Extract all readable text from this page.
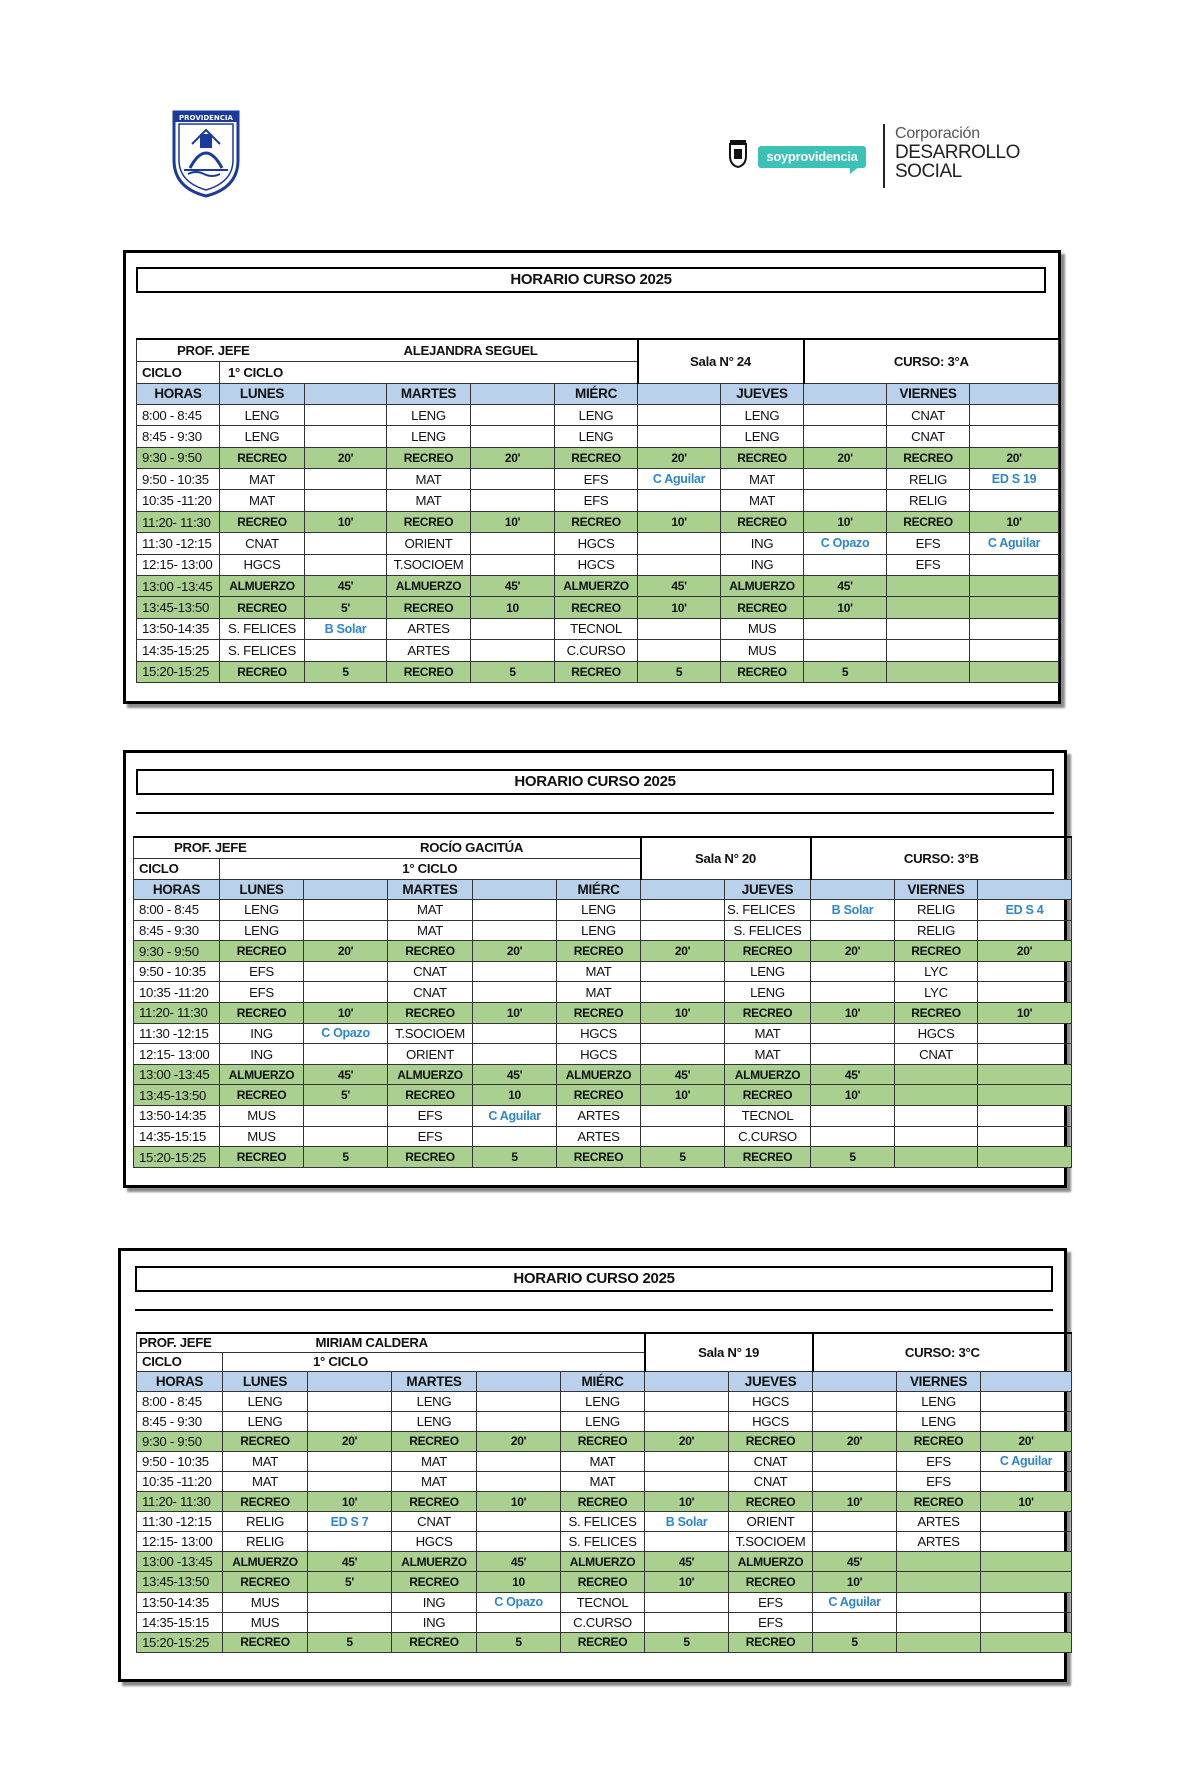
PROVIDENCIA
soyprovidencia
Corporación
DESARROLLO
SOCIAL
HORARIO CURSO 2025
HORARIO CURSO 2025
HORARIO CURSO 2025
PROF. JEFE		ALEJANDRA SEGUEL				Sala N° 24		CURSO: 3°A		
CICLO	1° CICLO									
HORAS	LUNES		MARTES		MIÉRC		JUEVES		VIERNES	
8:00 - 8:45	LENG		LENG		LENG		LENG		CNAT	
8:45 - 9:30	LENG		LENG		LENG		LENG		CNAT	
9:30 - 9:50	RECREO	20'	RECREO	20'	RECREO	20'	RECREO	20'	RECREO	20'
9:50 - 10:35	MAT		MAT		EFS	C Aguilar	MAT		RELIG	ED S 19
10:35 -11:20	MAT		MAT		EFS		MAT		RELIG	
11:20- 11:30	RECREO	10'	RECREO	10'	RECREO	10'	RECREO	10'	RECREO	10'
11:30 -12:15	CNAT		ORIENT		HGCS		ING	C Opazo	EFS	C Aguilar
12:15- 13:00	HGCS		T.SOCIOEM		HGCS		ING		EFS	
13:00 -13:45	ALMUERZO	45'	ALMUERZO	45'	ALMUERZO	45'	ALMUERZO	45'		
13:45-13:50	RECREO	5'	RECREO	10	RECREO	10'	RECREO	10'		
13:50-14:35	S. FELICES	B Solar	ARTES		TECNOL		MUS			
14:35-15:25	S. FELICES		ARTES		C.CURSO		MUS			
15:20-15:25	RECREO	5	RECREO	5	RECREO	5	RECREO	5		
PROF. JEFE		ROCÍO GACITÚA				Sala N° 20		CURSO: 3°B		
CICLO	1° CICLO									
HORAS	LUNES		MARTES		MIÉRC		JUEVES		VIERNES	
8:00 - 8:45	LENG		MAT		LENG		S. FELICES	B Solar	RELIG	ED S 4
8:45 - 9:30	LENG		MAT		LENG		S. FELICES		RELIG	
9:30 - 9:50	RECREO	20'	RECREO	20'	RECREO	20'	RECREO	20'	RECREO	20'
9:50 - 10:35	EFS		CNAT		MAT		LENG		LYC	
10:35 -11:20	EFS		CNAT		MAT		LENG		LYC	
11:20- 11:30	RECREO	10'	RECREO	10'	RECREO	10'	RECREO	10'	RECREO	10'
11:30 -12:15	ING	C Opazo	T.SOCIOEM		HGCS		MAT		HGCS	
12:15- 13:00	ING		ORIENT		HGCS		MAT		CNAT	
13:00 -13:45	ALMUERZO	45'	ALMUERZO	45'	ALMUERZO	45'	ALMUERZO	45'		
13:45-13:50	RECREO	5'	RECREO	10	RECREO	10'	RECREO	10'		
13:50-14:35	MUS		EFS	C Aguilar	ARTES		TECNOL			
14:35-15:15	MUS		EFS		ARTES		C.CURSO			
15:20-15:25	RECREO	5	RECREO	5	RECREO	5	RECREO	5		
PROF. JEFE		MIRIAM CALDERA				Sala N° 19		CURSO: 3°C		
CICLO	1° CICLO									
HORAS	LUNES		MARTES		MIÉRC		JUEVES		VIERNES	
8:00 - 8:45	LENG		LENG		LENG		HGCS		LENG	
8:45 - 9:30	LENG		LENG		LENG		HGCS		LENG	
9:30 - 9:50	RECREO	20'	RECREO	20'	RECREO	20'	RECREO	20'	RECREO	20'
9:50 - 10:35	MAT		MAT		MAT		CNAT		EFS	C Aguilar
10:35 -11:20	MAT		MAT		MAT		CNAT		EFS	
11:20- 11:30	RECREO	10'	RECREO	10'	RECREO	10'	RECREO	10'	RECREO	10'
11:30 -12:15	RELIG	ED S 7	CNAT		S. FELICES	B Solar	ORIENT		ARTES	
12:15- 13:00	RELIG		HGCS		S. FELICES		T.SOCIOEM		ARTES	
13:00 -13:45	ALMUERZO	45'	ALMUERZO	45'	ALMUERZO	45'	ALMUERZO	45'		
13:45-13:50	RECREO	5'	RECREO	10	RECREO	10'	RECREO	10'		
13:50-14:35	MUS		ING	C Opazo	TECNOL		EFS	C Aguilar		
14:35-15:15	MUS		ING		C.CURSO		EFS			
15:20-15:25	RECREO	5	RECREO	5	RECREO	5	RECREO	5		
